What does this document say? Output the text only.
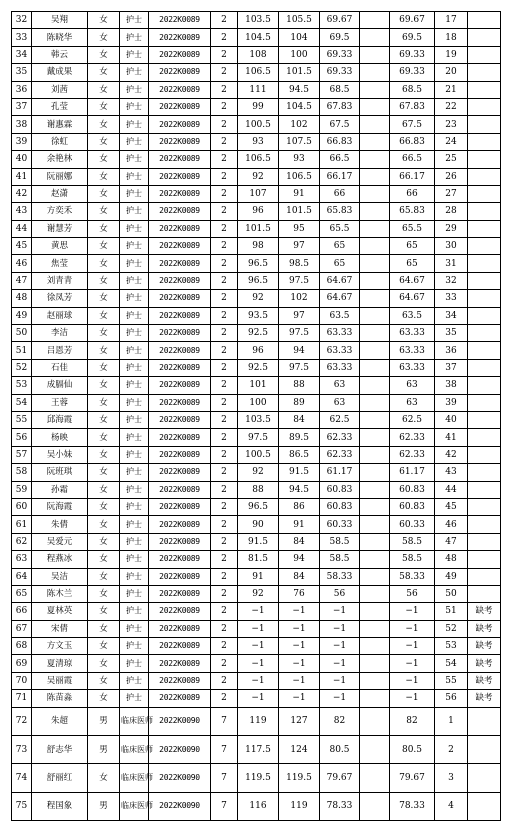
32	吴翔	女	护士	2022K0089	2	103.5	105.5	69.67		69.67	17	
33	陈晓华	女	护士	2022K0089	2	104.5	104	69.5		69.5	18	
34	韩云	女	护士	2022K0089	2	108	100	69.33		69.33	19	
35	戴成果	女	护士	2022K0089	2	106.5	101.5	69.33		69.33	20	
36	刘茜	女	护士	2022K0089	2	111	94.5	68.5		68.5	21	
37	孔莹	女	护士	2022K0089	2	99	104.5	67.83		67.83	22	
38	谢惠霖	女	护士	2022K0089	2	100.5	102	67.5		67.5	23	
39	徐虹	女	护士	2022K0089	2	93	107.5	66.83		66.83	24	
40	余艳林	女	护士	2022K0089	2	106.5	93	66.5		66.5	25	
41	阮丽娜	女	护士	2022K0089	2	92	106.5	66.17		66.17	26	
42	赵潇	女	护士	2022K0089	2	107	91	66		66	27	
43	方奕禾	女	护士	2022K0089	2	96	101.5	65.83		65.83	28	
44	谢慧芳	女	护士	2022K0089	2	101.5	95	65.5		65.5	29	
45	黄思	女	护士	2022K0089	2	98	97	65		65	30	
46	焦莹	女	护士	2022K0089	2	96.5	98.5	65		65	31	
47	刘青青	女	护士	2022K0089	2	96.5	97.5	64.67		64.67	32	
48	徐凤芳	女	护士	2022K0089	2	92	102	64.67		64.67	33	
49	赵丽球	女	护士	2022K0089	2	93.5	97	63.5		63.5	34	
50	李洁	女	护士	2022K0089	2	92.5	97.5	63.33		63.33	35	
51	吕恩芳	女	护士	2022K0089	2	96	94	63.33		63.33	36	
52	石佳	女	护士	2022K0089	2	92.5	97.5	63.33		63.33	37	
53	成膈仙	女	护士	2022K0089	2	101	88	63		63	38	
54	王蓉	女	护士	2022K0089	2	100	89	63		63	39	
55	邱海霞	女	护士	2022K0089	2	103.5	84	62.5		62.5	40	
56	杨映	女	护士	2022K0089	2	97.5	89.5	62.33		62.33	41	
57	吴小妹	女	护士	2022K0089	2	100.5	86.5	62.33		62.33	42	
58	阮班琪	女	护士	2022K0089	2	92	91.5	61.17		61.17	43	
59	孙霜	女	护士	2022K0089	2	88	94.5	60.83		60.83	44	
60	阮海霞	女	护士	2022K0089	2	96.5	86	60.83		60.83	45	
61	朱倩	女	护士	2022K0089	2	90	91	60.33		60.33	46	
62	吴爱元	女	护士	2022K0089	2	91.5	84	58.5		58.5	47	
63	程燕冰	女	护士	2022K0089	2	81.5	94	58.5		58.5	48	
64	吴洁	女	护士	2022K0089	2	91	84	58.33		58.33	49	
65	陈木兰	女	护士	2022K0089	2	92	76	56		56	50	
66	夏林英	女	护士	2022K0089	2	−1	−1	−1		−1	51	缺考
67	宋倩	女	护士	2022K0089	2	−1	−1	−1		−1	52	缺考
68	方文玉	女	护士	2022K0089	2	−1	−1	−1		−1	53	缺考
69	夏清琼	女	护士	2022K0089	2	−1	−1	−1		−1	54	缺考
70	吴丽霞	女	护士	2022K0089	2	−1	−1	−1		−1	55	缺考
71	陈苗淼	女	护士	2022K0089	2	−1	−1	−1		−1	56	缺考
72	朱超	男	临床医师	2022K0090	7	119	127	82		82	1	
73	舒志华	男	临床医师	2022K0090	7	117.5	124	80.5		80.5	2	
74	舒丽红	女	临床医师	2022K0090	7	119.5	119.5	79.67		79.67	3	
75	程国象	男	临床医师	2022K0090	7	116	119	78.33		78.33	4	
